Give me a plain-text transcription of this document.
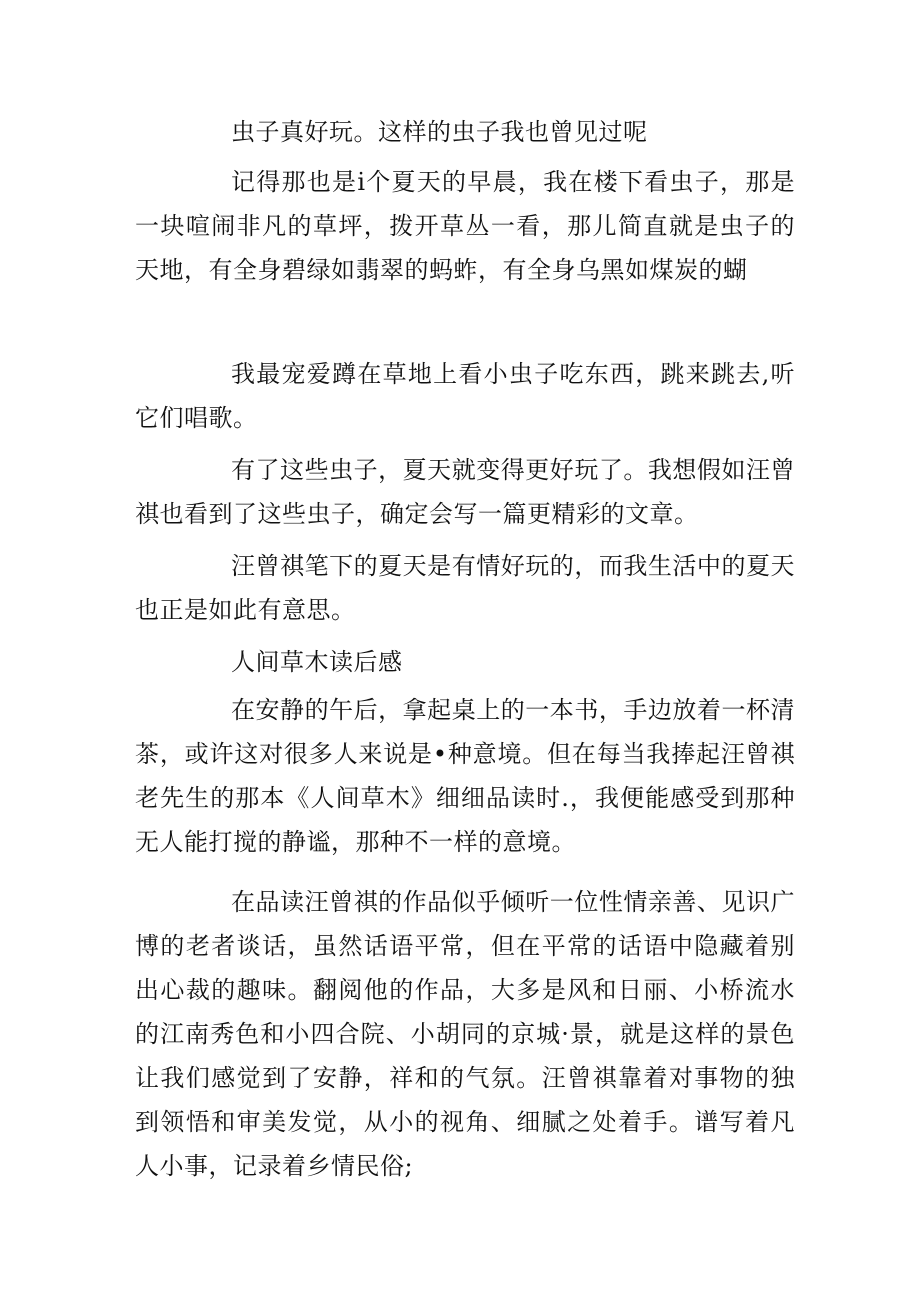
虫子真好玩。这样的虫子我也曾见过呢

记得那也是i个夏天的早晨，我在楼下看虫子，那是一块喧闹非凡的草坪，拨开草丛一看，那儿简直就是虫子的天地，有全身碧绿如翡翠的蚂蚱，有全身乌黑如煤炭的蝴

我最宠爱蹲在草地上看小虫子吃东西，跳来跳去,听它们唱歌。

有了这些虫子，夏天就变得更好玩了。我想假如汪曾祺也看到了这些虫子，确定会写一篇更精彩的文章。

汪曾祺笔下的夏天是有情好玩的，而我生活中的夏天也正是如此有意思。

人间草木读后感

在安静的午后，拿起桌上的一本书，手边放着一杯清茶，或许这对很多人来说是•种意境。但在每当我捧起汪曾祺老先生的那本《人间草木》细细品读时.，我便能感受到那种无人能打搅的静谧，那种不一样的意境。

在品读汪曾祺的作品似乎倾听一位性情亲善、见识广博的老者谈话，虽然话语平常，但在平常的话语中隐藏着别出心裁的趣味。翻阅他的作品，大多是风和日丽、小桥流水的江南秀色和小四合院、小胡同的京城·景，就是这样的景色让我们感觉到了安静，祥和的气氛。汪曾祺靠着对事物的独到领悟和审美发觉，从小的视角、细腻之处着手。谱写着凡人小事，记录着乡情民俗;
